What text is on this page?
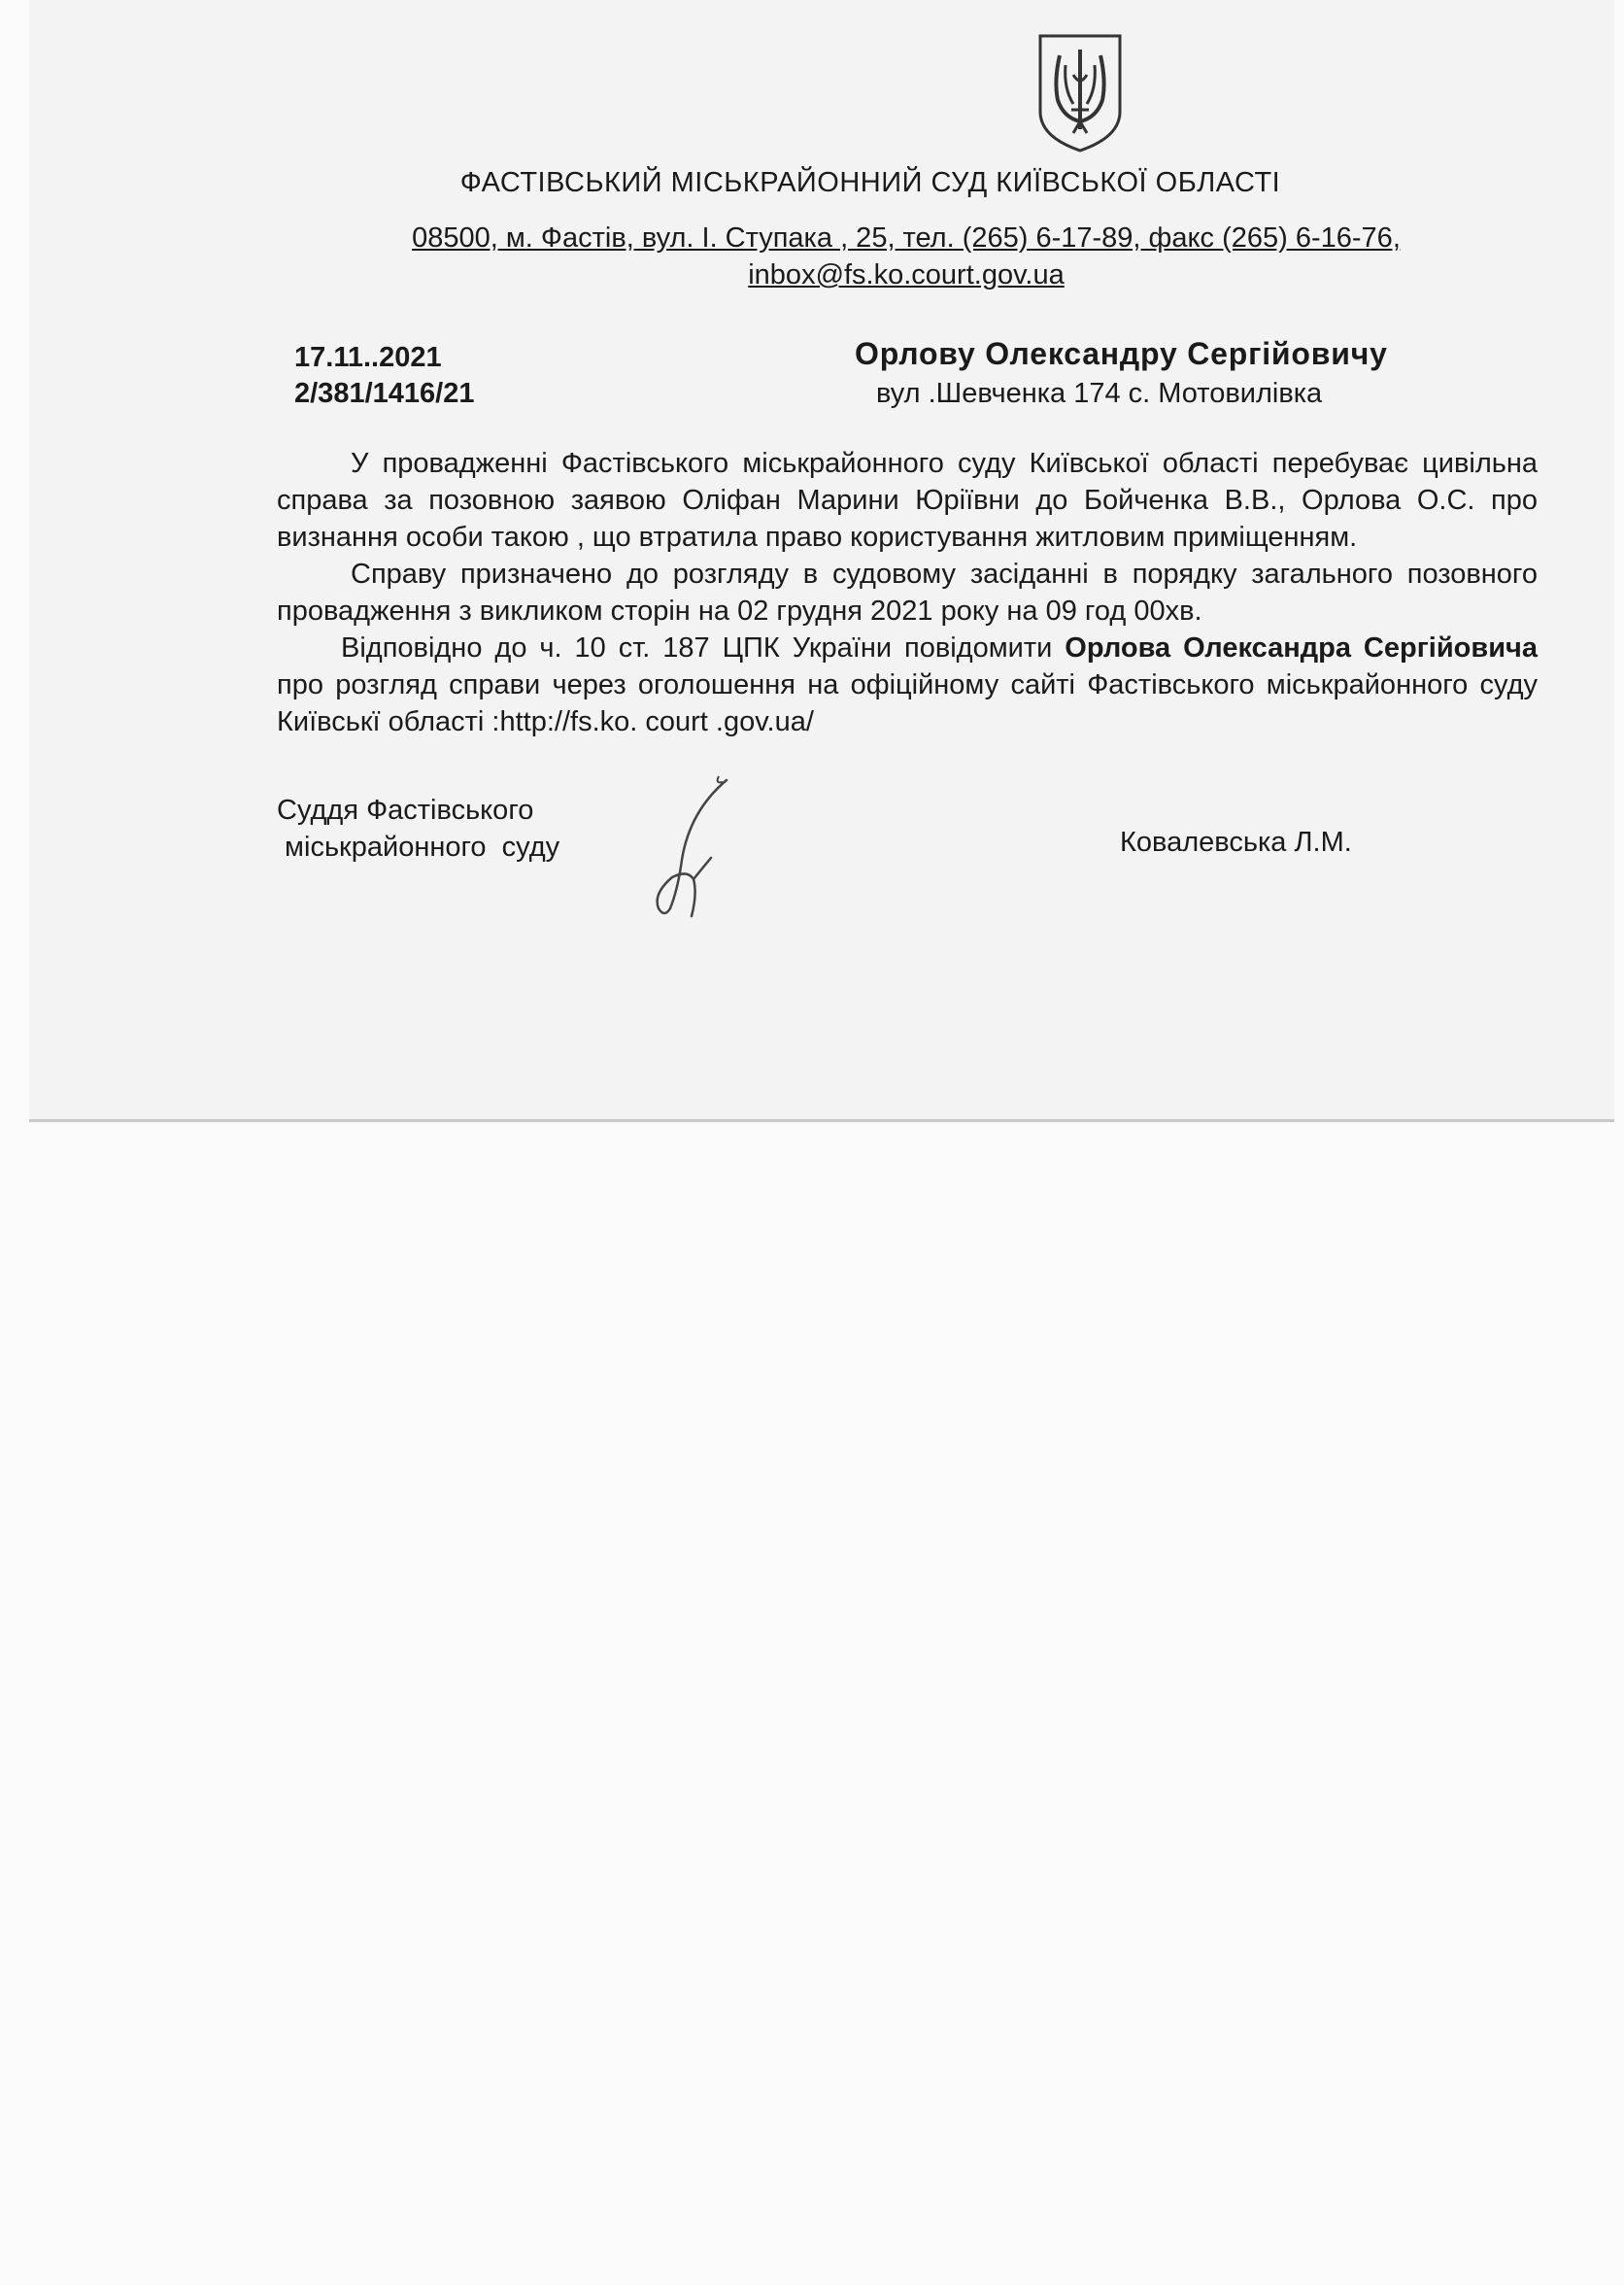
ФАСТІВСЬКИЙ МІСЬКРАЙОННИЙ СУД КИЇВСЬКОЇ ОБЛАСТІ
08500, м. Фастів, вул. І. Ступака , 25, тел. (265) 6-17-89, факс (265) 6-16-76,
inbox@fs.ko.court.gov.ua
17.11..2021
2/381/1416/21
Орлову Олександру Сергійовичу
вул .Шевченка 174 с. Мотовилівка

У провадженні Фастівського міськрайонного суду Київської області перебуває цивільна справа за позовною заявою Оліфан Марини Юріївни до Бойченка В.В., Орлова О.С. про визнання особи такою , що втратила право користування житловим приміщенням.

Справу призначено до розгляду в судовому засіданні в порядку загального позовного провадження з викликом сторін на 02 грудня 2021 року на 09 год 00хв.

Відповідно до ч. 10 ст. 187 ЦПК України повідомити Орлова Олександра Сергійовича про розгляд справи через оголошення на офіційному сайті Фастівського міськрайонного суду Київськї області :http://fs.ko. court .gov.ua/

Суддя Фастівського
міськрайонного  суду	Ковалевська Л.М.
